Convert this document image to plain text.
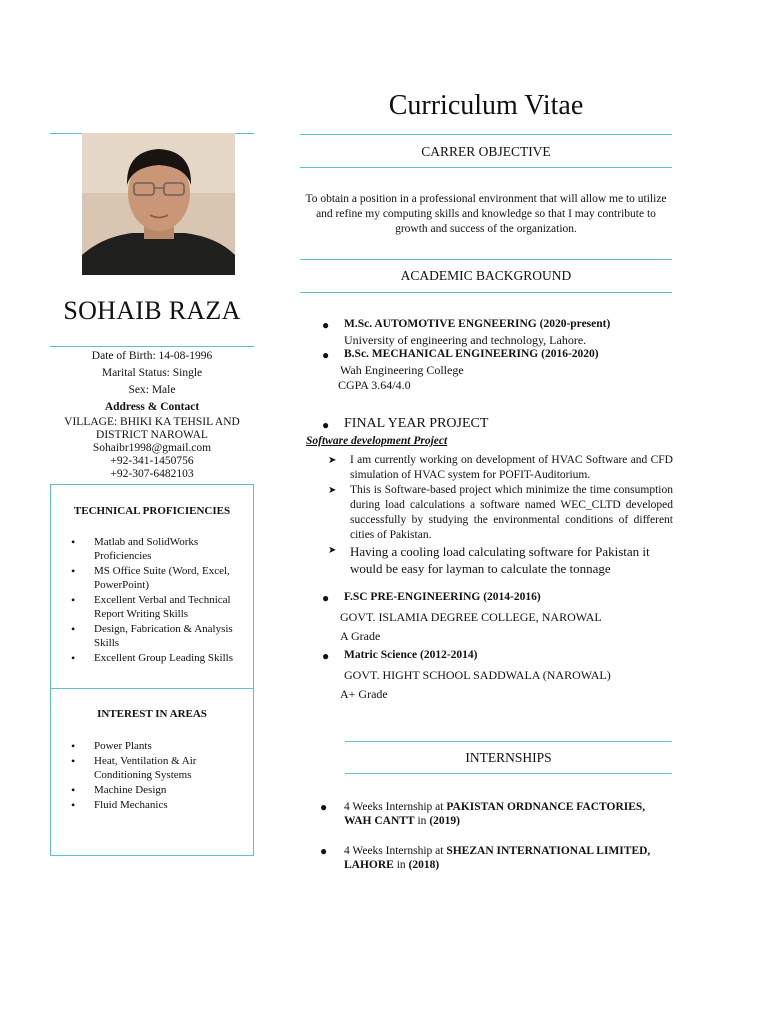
Curriculum Vitae
SOHAIB RAZA
Date of Birth: 14-08-1996
Marital Status: Single
Sex: Male
Address & Contact
VILLAGE: BHIKI KA TEHSIL AND
DISTRICT NAROWAL
Sohaibr1998@gmail.com
+92-341-1450756
+92-307-6482103
TECHNICAL PROFICIENCIES
• Matlab and SolidWorks Proficiencies
• MS Office Suite (Word, Excel, PowerPoint)
• Excellent Verbal and Technical Report Writing Skills
• Design, Fabrication & Analysis Skills
• Excellent Group Leading Skills
INTEREST IN AREAS
• Power Plants
• Heat, Ventilation & Air Conditioning Systems
• Machine Design
• Fluid Mechanics
CARRER OBJECTIVE
To obtain a position in a professional environment that will allow me to utilize and refine my computing skills and knowledge so that I may contribute to growth and success of the organization.
ACADEMIC BACKGROUND
● M.Sc. AUTOMOTIVE ENGNEERING (2020-present)
University of engineering and technology, Lahore.
● B.Sc. MECHANICAL ENGINEERING (2016-2020)
Wah Engineering College
CGPA 3.64/4.0
● FINAL YEAR PROJECT
Software development Project
➤	I am currently working on development of HVAC Software and CFD simulation of HVAC system for POFIT-Auditorium.
➤	This is Software-based project which minimize the time consumption during load calculations a software named WEC_CLTD developed successfully by studying the environmental conditions of different cities of Pakistan.
➤	Having a cooling load calculating software for Pakistan it would be easy for layman to calculate the tonnage
● F.SC PRE-ENGINEERING (2014-2016)
GOVT. ISLAMIA DEGREE COLLEGE, NAROWAL
A Grade
● Matric Science (2012-2014)
GOVT. HIGHT SCHOOL SADDWALA (NAROWAL)
A+ Grade
INTERNSHIPS
●	4 Weeks Internship at PAKISTAN ORDNANCE FACTORIES, WAH CANTT in (2019)
●	4 Weeks Internship at SHEZAN INTERNATIONAL LIMITED, LAHORE in (2018)
